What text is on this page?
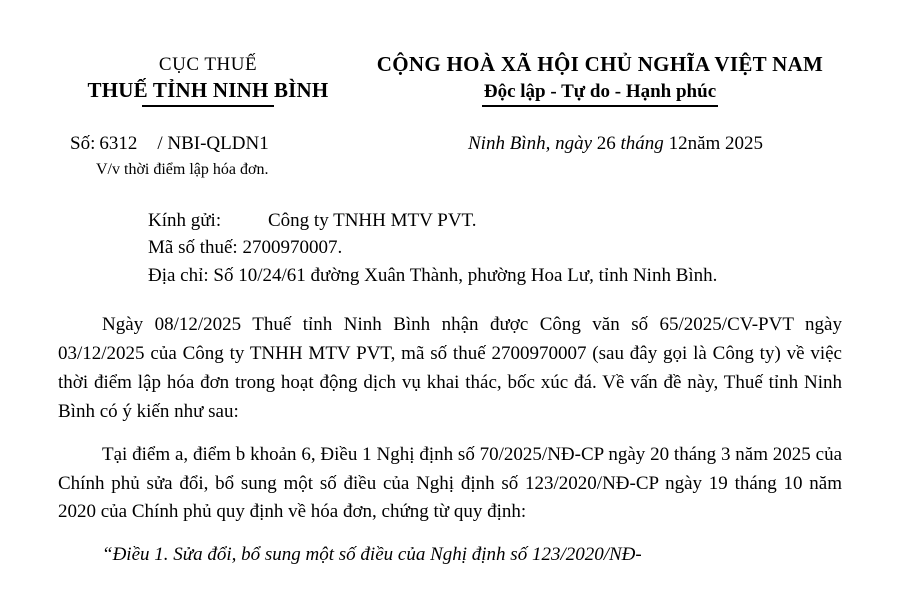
CỤC THUẾ
THUẾ TỈNH NINH BÌNH
CỘNG HOÀ XÃ HỘI CHỦ NGHĨA VIỆT NAM
Độc lập - Tự do - Hạnh phúc
Số: 6312 / NBI-QLDN1	Ninh Bình, ngày 26 tháng 12năm 2025
V/v thời điểm lập hóa đơn.
Kính gửi: Công ty TNHH MTV PVT.
Mã số thuế: 2700970007.
Địa chỉ: Số 10/24/61 đường Xuân Thành, phường Hoa Lư, tỉnh Ninh Bình.

Ngày 08/12/2025 Thuế tỉnh Ninh Bình nhận được Công văn số 65/2025/CV-PVT ngày 03/12/2025 của Công ty TNHH MTV PVT, mã số thuế 2700970007 (sau đây gọi là Công ty) về việc thời điểm lập hóa đơn trong hoạt động dịch vụ khai thác, bốc xúc đá. Về vấn đề này, Thuế tỉnh Ninh Bình có ý kiến như sau:

Tại điểm a, điểm b khoản 6, Điều 1 Nghị định số 70/2025/NĐ-CP ngày 20 tháng 3 năm 2025 của Chính phủ sửa đổi, bổ sung một số điều của Nghị định số 123/2020/NĐ-CP ngày 19 tháng 10 năm 2020 của Chính phủ quy định về hóa đơn, chứng từ quy định:

“Điều 1. Sửa đổi, bổ sung một số điều của Nghị định số 123/2020/NĐ-
